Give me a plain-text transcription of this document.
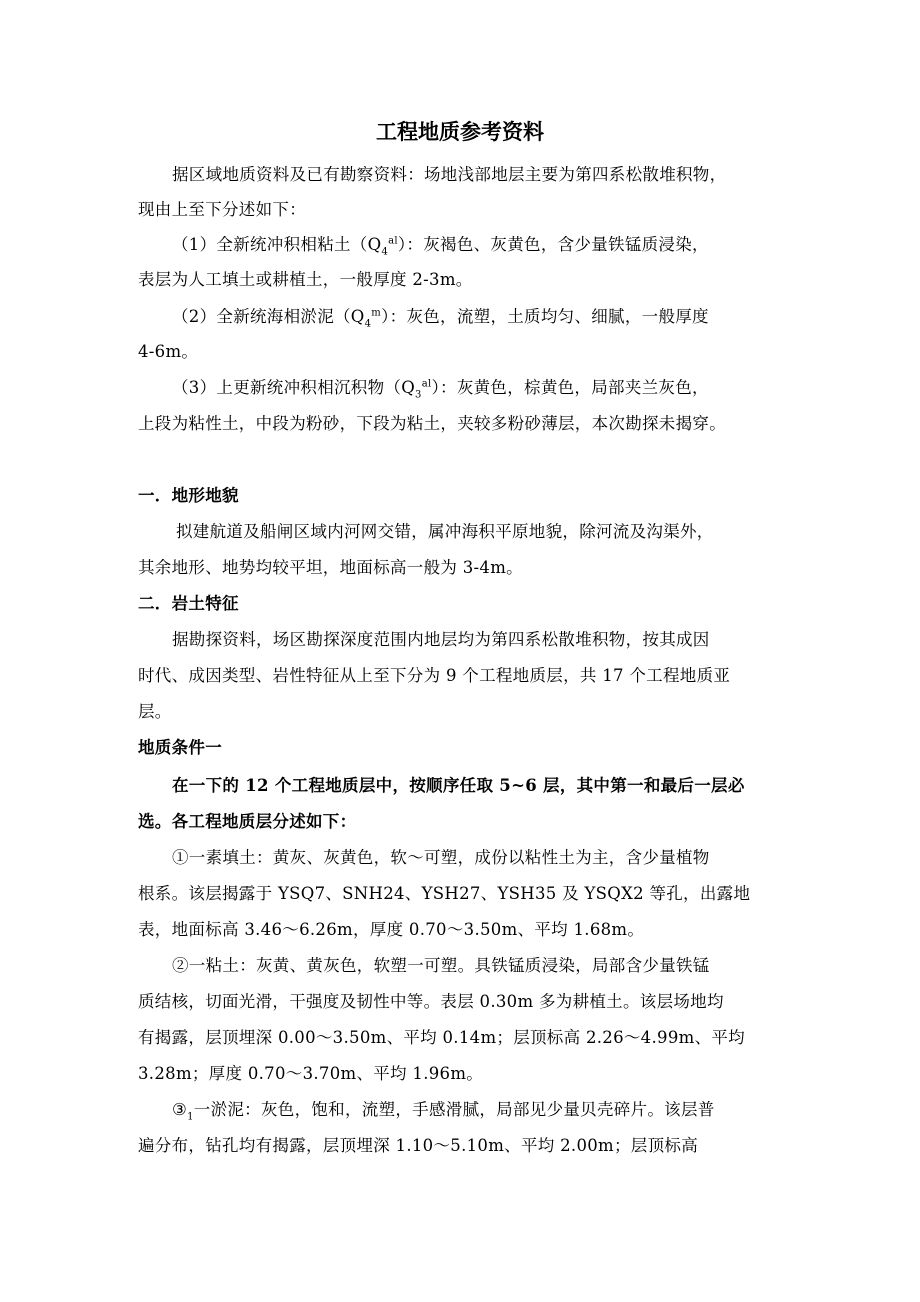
工程地质参考资料
据区域地质资料及已有勘察资料：场地浅部地层主要为第四系松散堆积物，
现由上至下分述如下：
（1）全新统冲积相粘土$(Q_4^{al})$：灰褐色、灰黄色，含少量铁锰质浸染，
表层为人工填土或耕植土，一般厚度 2-3m。
（2）全新统海相淤泥$(Q_4^m)$：灰色，流塑，土质均匀、细腻，一般厚度
4-6m。
（3）上更新统冲积相沉积物$(Q_3^{al})$：灰黄色，棕黄色，局部夹兰灰色，
上段为粘性土，中段为粉砂，下段为粘土，夹较多粉砂薄层，本次勘探未揭穿。
一．地形地貌
拟建航道及船闸区域内河网交错，属冲海积平原地貌，除河流及沟渠外，
其余地形、地势均较平坦，地面标高一般为 3-4m。
二．岩土特征
据勘探资料，场区勘探深度范围内地层均为第四系松散堆积物，按其成因
时代、成因类型、岩性特征从上至下分为 9 个工程地质层，共 17 个工程地质亚
层。
地质条件一
在一下的 12 个工程地质层中，按顺序任取 5~6 层，其中第一和最后一层必
选。各工程地质层分述如下：
①一素填土：黄灰、灰黄色，软～可塑，成份以粘性土为主，含少量植物
根系。该层揭露于 YSQ7、SNH24、YSH27、YSH35 及 YSQX2 等孔，出露地
表，地面标高 3.46～6.26m，厚度 0.70～3.50m、平均 1.68m。
②一粘土：灰黄、黄灰色，软塑一可塑。具铁锰质浸染，局部含少量铁锰
质结核，切面光滑，干强度及韧性中等。表层 0.30m 多为耕植土。该层场地均
有揭露，层顶埋深 0.00～3.50m、平均 0.14m；层顶标高 2.26～4.99m、平均
3.28m；厚度 0.70～3.70m、平均 1.96m。
$③_1$一淤泥：灰色，饱和，流塑，手感滑腻，局部见少量贝壳碎片。该层普
遍分布，钻孔均有揭露，层顶埋深 1.10～5.10m、平均 2.00m；层顶标高
